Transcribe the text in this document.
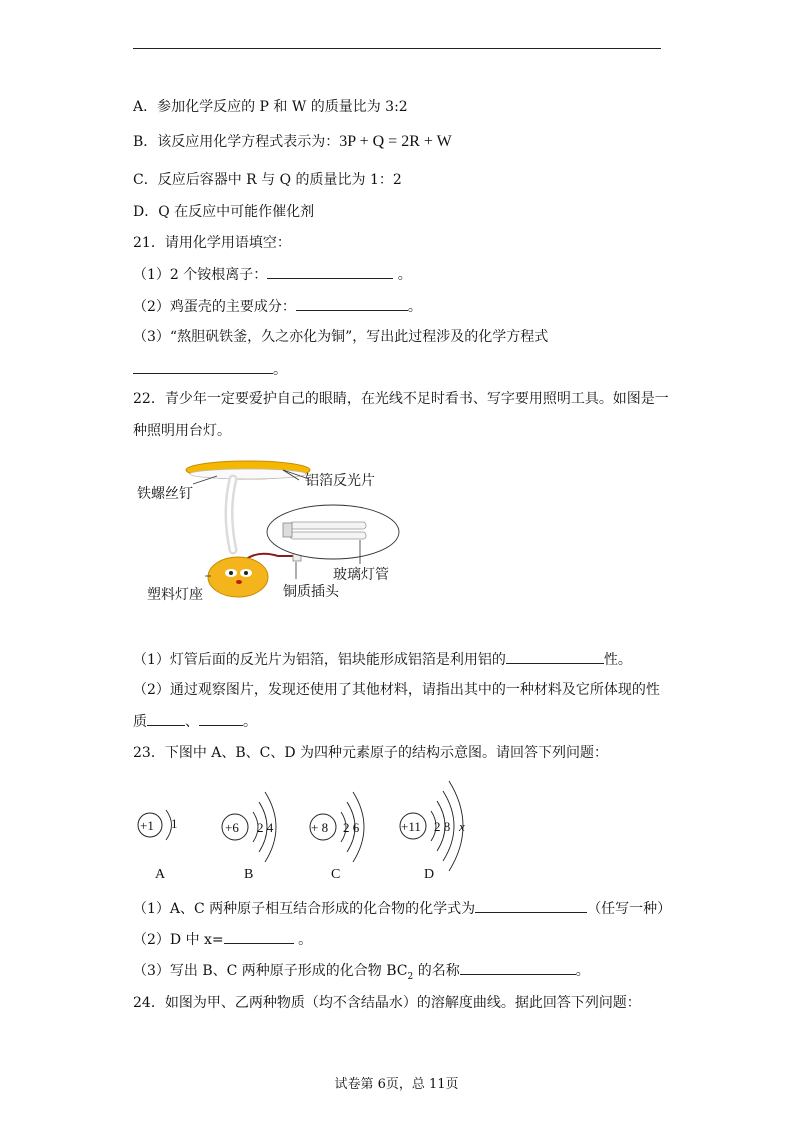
A．参加化学反应的 P 和 W 的质量比为 3:2
B．该反应用化学方程式表示为：3P + Q = 2R + W
C．反应后容器中 R 与 Q 的质量比为 1：2
D．Q 在反应中可能作催化剂
21．请用化学用语填空：
（1）2 个铵根离子：	。
（2）鸡蛋壳的主要成分：	。
（3）“熬胆矾铁釜，久之亦化为铜”，写出此过程涉及的化学方程式
。
22．青少年一定要爱护自己的眼睛，在光线不足时看书、写字要用照明工具。如图是一
种照明用台灯。
铁螺丝钉
铝箔反光片
玻璃灯管
塑料灯座	铜质插头
（1）灯管后面的反光片为铝箔，铝块能形成铝箔是利用铝的	性。
（2）通过观察图片，发现还使用了其他材料，请指出其中的一种材料及它所体现的性
质	、	。
23．下图中 A、B、C、D 为四种元素原子的结构示意图。请回答下列问题：
+1 1	+6 2 4	+ 8 2 6	+11 2 8 x
A	B	C	D
（1）A、C 两种原子相互结合形成的化合物的化学式为	（任写一种）
（2）D 中 x=	。
（3）写出 B、C 两种原子形成的化合物 $BC_2$ 的名称	。
24．如图为甲、乙两种物质（均不含结晶水）的溶解度曲线。据此回答下列问题：
试卷第 6页，总 11页
